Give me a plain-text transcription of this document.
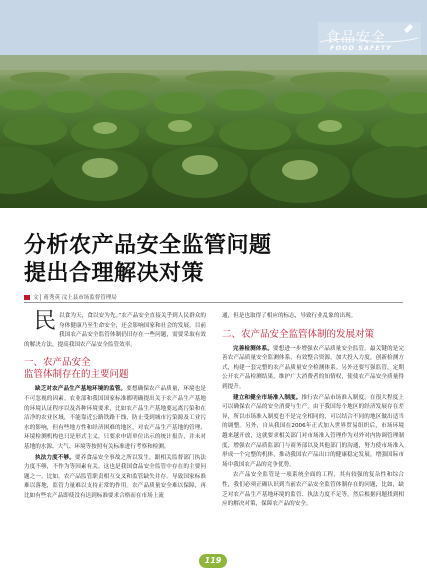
食品安全
FOOD SAFETY
分析农产品安全监管问题
提出合理解决对策
文│ 蒋秀英 汶上县市场监督管理局

民以食为天，食以安为先。”农产品安全直接关乎到人民群众的身体健康乃至生命安全，还会影响国家和社会的发展。目前我国农产品安全监管体制仍旧存在一些问题，需要采取有效的解决方法，提高我国农产品安全监管效率。

一、农产品安全
监管体制存在的主要问题

缺乏对农产品生产基地环境的监管。要想确保农产品质量，环境也是不可忽视的因素。农业部和我国国家标准都明确提出关于农产品生产基地的环境认证程序以及各种环境要求，比如农产品生产基地要远离污染和在洁净的农业区域，不能靠近公路铁路干线，防止受到城市污染源及工业污水的影响，但有些地方性和经济困难的地区，对农产品生产基地的管理、环境检测机构也只是形式主义，只要求申请单位出示的统计报告，并未对基地的水源、大气、环境等按照有关标准进行考察和检测。

执法力度不够。要养食品安全事故之所以发生，跟相关监督部门执法力度不够，不作为等因素有关。这也是我国食品安全监管中存在的主要问题之一。比如，农产品监管职责相互交叉和监管缺失并存。导致国家标准难以落地，监管力量难以支持正常的作用。农产品质量安全难以保障，再比如有些农产品即使没有达到标准要求合格而在市场上流

通，但是也取得了相应的标志，导致行业乱象的出现。

二、农产品安全监管体制的发展对策

完善检测体系。要想进一步增强农产品质量安全监管，最关键的是完善农产品质量安全监测体系，有效整合资源，加大投入力度，创新检测方式，构建一套完整的农产品质量安全检测体系。另外还要写强监管，定期公开农产品检测结果，维护广大消费者的知情权，使使农产品安全质量得到提升。

建立和健全市场准入制度。推行农产品市场准入制度，在很大程度上可以确保农产品的安全消费与生产。由于我国每个地区的经济发展存在差异，所以市场准入制度也不是完全相同的，可以结合不同的地区做出适当的调整。另外，自从我国在2006年正式加入世界贸易组织后，市场环境越来越开放，这就要求相关部门对市场准入管理作为对外对内协调管理制度，增强农产品质监部门与商务部以及其他部门的沟通，努力使市场准入形成一个完整的机体，推动我国农产品出口的健康稳定发展，增强国际市场中我国农产品的竞争优势。

农产品安全监管是一项系统全面的工程，其有较强的复杂性和综合性，我们必须正确认识到当前农产品安全监管体制存在的问题，比如，缺乏对农产品生产基地环境的监管、执法力度不足等，然后根据问题找到相应的解决对策，保障农产品的安全。

119
